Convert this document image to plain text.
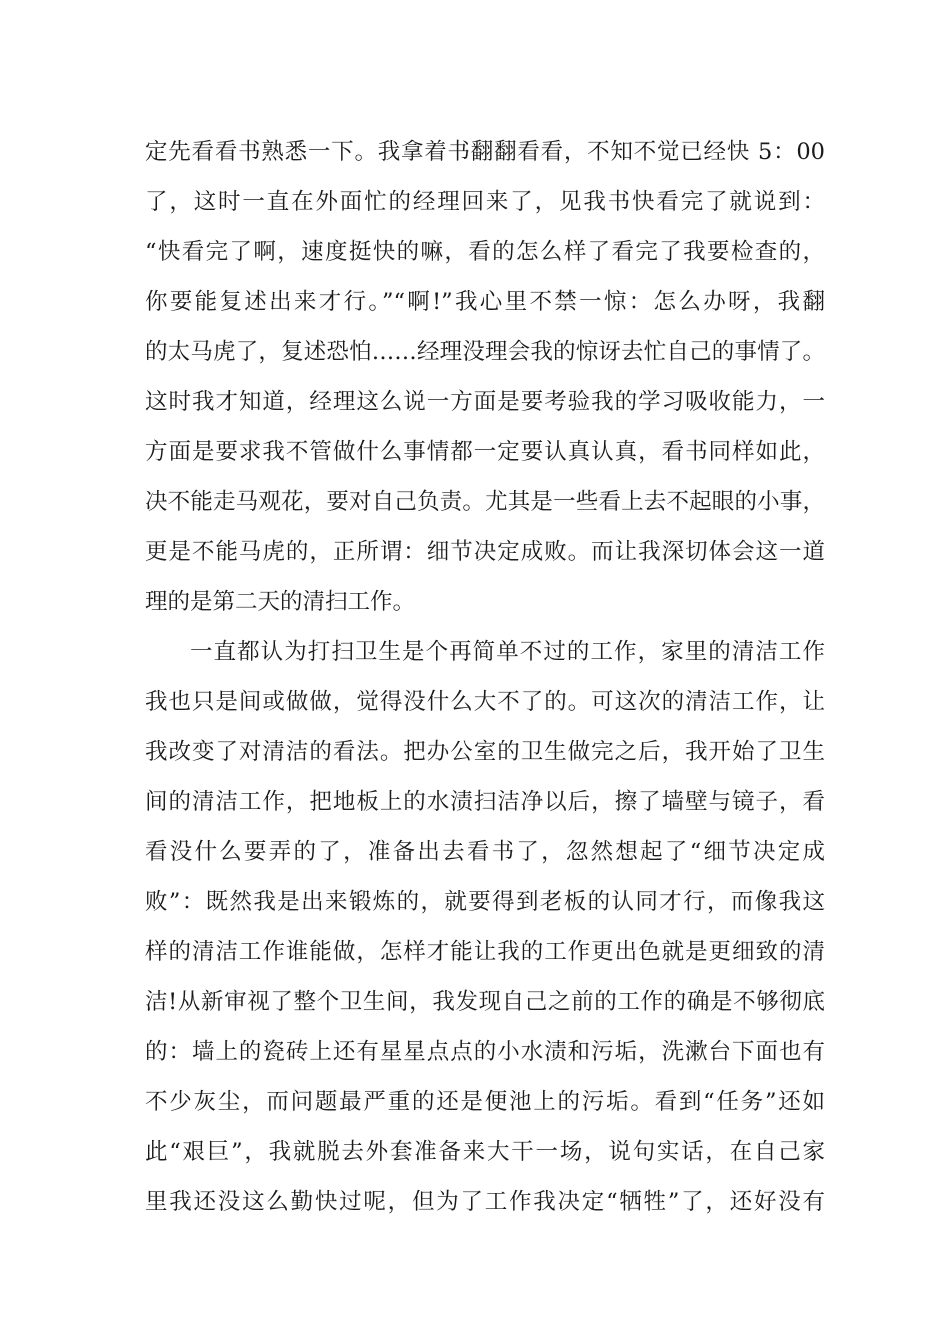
定先看看书熟悉一下。我拿着书翻翻看看，不知不觉已经快 5：00
了，这时一直在外面忙的经理回来了，见我书快看完了就说到：
“快看完了啊，速度挺快的嘛，看的怎么样了看完了我要检查的，
你要能复述出来才行。”“啊!”我心里不禁一惊：怎么办呀，我翻
的太马虎了，复述恐怕……经理没理会我的惊讶去忙自己的事情了。
这时我才知道，经理这么说一方面是要考验我的学习吸收能力，一
方面是要求我不管做什么事情都一定要认真认真，看书同样如此，
决不能走马观花，要对自己负责。尤其是一些看上去不起眼的小事，
更是不能马虎的，正所谓：细节决定成败。而让我深切体会这一道
理的是第二天的清扫工作。
一直都认为打扫卫生是个再简单不过的工作，家里的清洁工作
我也只是间或做做，觉得没什么大不了的。可这次的清洁工作，让
我改变了对清洁的看法。把办公室的卫生做完之后，我开始了卫生
间的清洁工作，把地板上的水渍扫洁净以后，擦了墙壁与镜子，看
看没什么要弄的了，准备出去看书了，忽然想起了“细节决定成
败”：既然我是出来锻炼的，就要得到老板的认同才行，而像我这
样的清洁工作谁能做，怎样才能让我的工作更出色就是更细致的清
洁!从新审视了整个卫生间，我发现自己之前的工作的确是不够彻底
的：墙上的瓷砖上还有星星点点的小水渍和污垢，洗漱台下面也有
不少灰尘，而问题最严重的还是便池上的污垢。看到“任务”还如
此“艰巨”，我就脱去外套准备来大干一场，说句实话，在自己家
里我还没这么勤快过呢，但为了工作我决定“牺牲”了，还好没有
